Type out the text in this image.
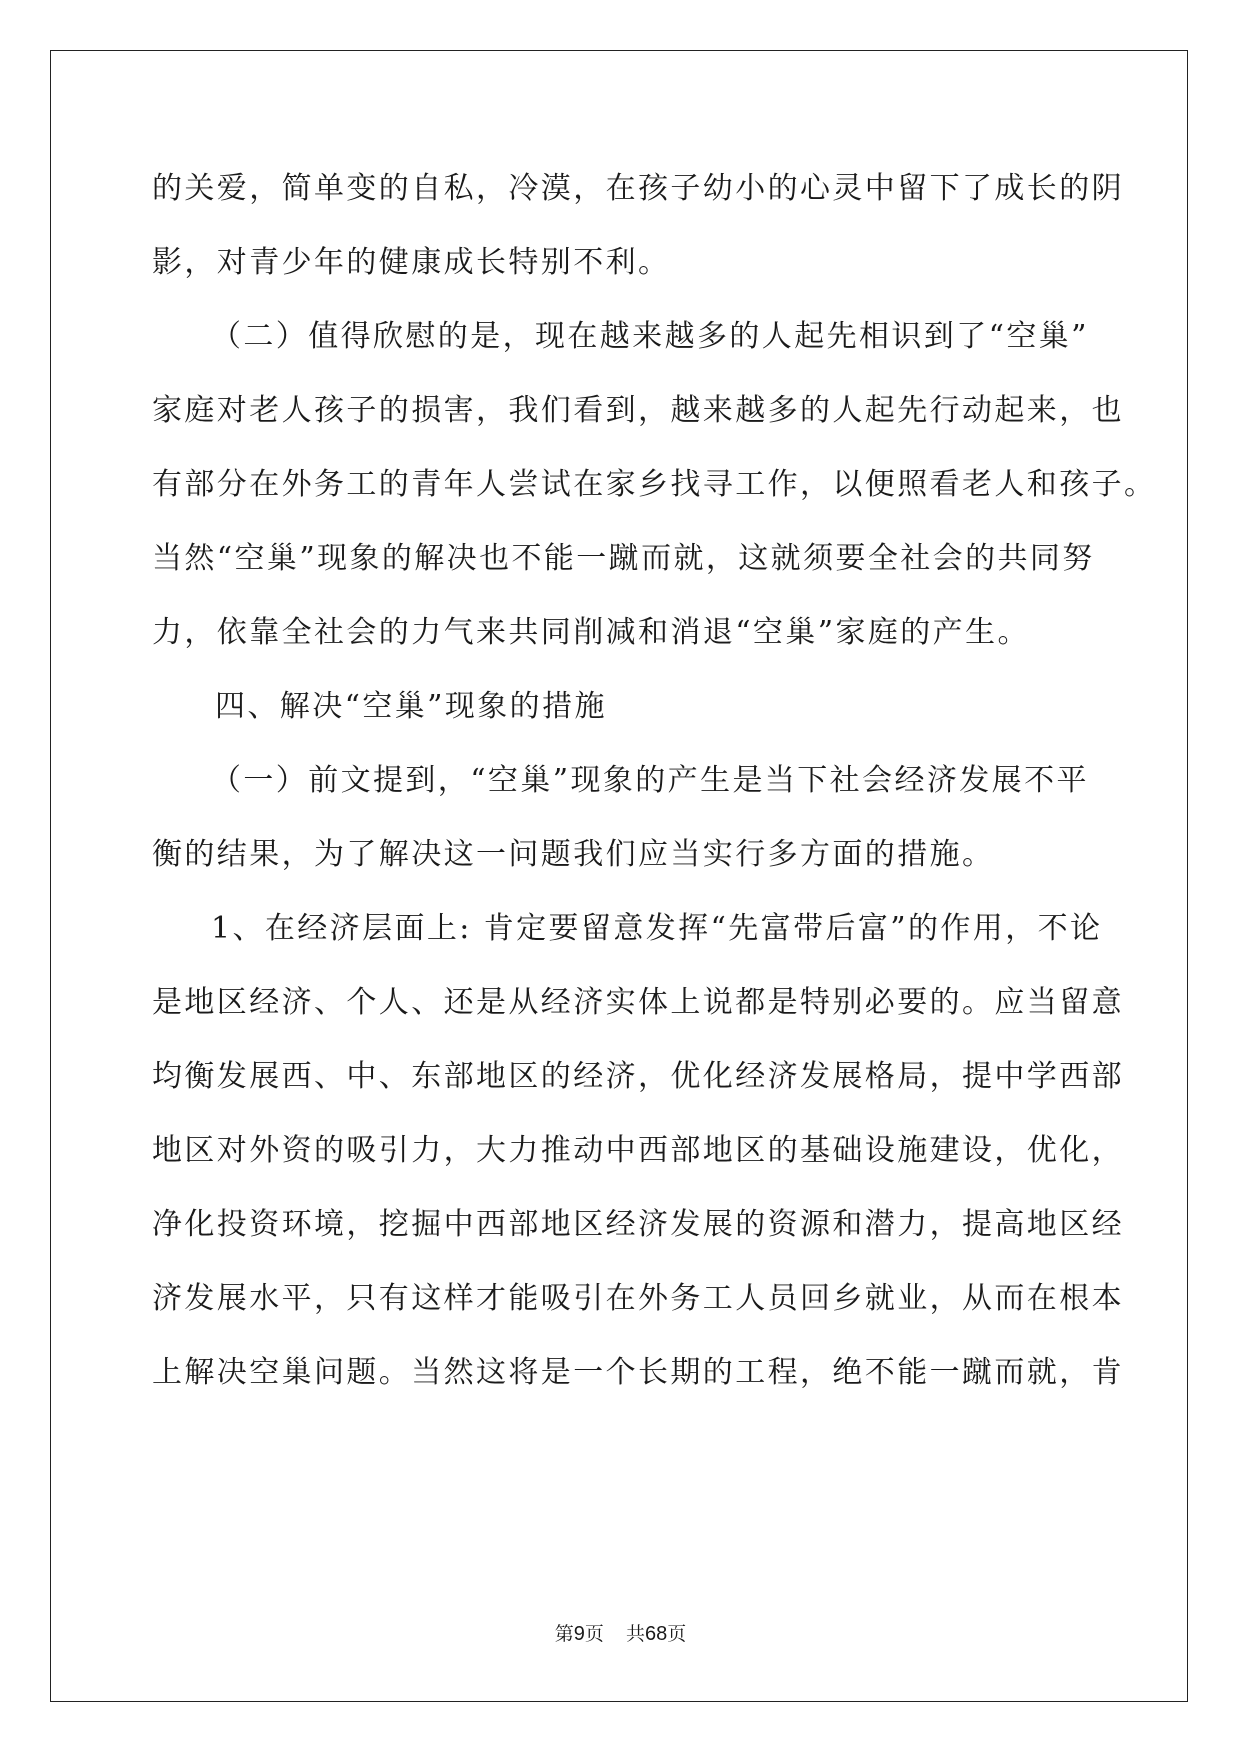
的关爱，简单变的自私，冷漠，在孩子幼小的心灵中留下了成长的阴
影，对青少年的健康成长特别不利。
（二）值得欣慰的是，现在越来越多的人起先相识到了“空巢”
家庭对老人孩子的损害，我们看到，越来越多的人起先行动起来，也
有部分在外务工的青年人尝试在家乡找寻工作，以便照看老人和孩子。
当然“空巢”现象的解决也不能一蹴而就，这就须要全社会的共同努
力，依靠全社会的力气来共同削减和消退“空巢”家庭的产生。
四、解决“空巢”现象的措施
（一）前文提到，“空巢”现象的产生是当下社会经济发展不平
衡的结果，为了解决这一问题我们应当实行多方面的措施。
1、在经济层面上: 肯定要留意发挥“先富带后富”的作用，不论
是地区经济、个人、还是从经济实体上说都是特别必要的。应当留意
均衡发展西、中、东部地区的经济，优化经济发展格局，提中学西部
地区对外资的吸引力，大力推动中西部地区的基础设施建设，优化，
净化投资环境，挖掘中西部地区经济发展的资源和潜力，提高地区经
济发展水平，只有这样才能吸引在外务工人员回乡就业，从而在根本
上解决空巢问题。当然这将是一个长期的工程，绝不能一蹴而就，肯
第9页 共68页
